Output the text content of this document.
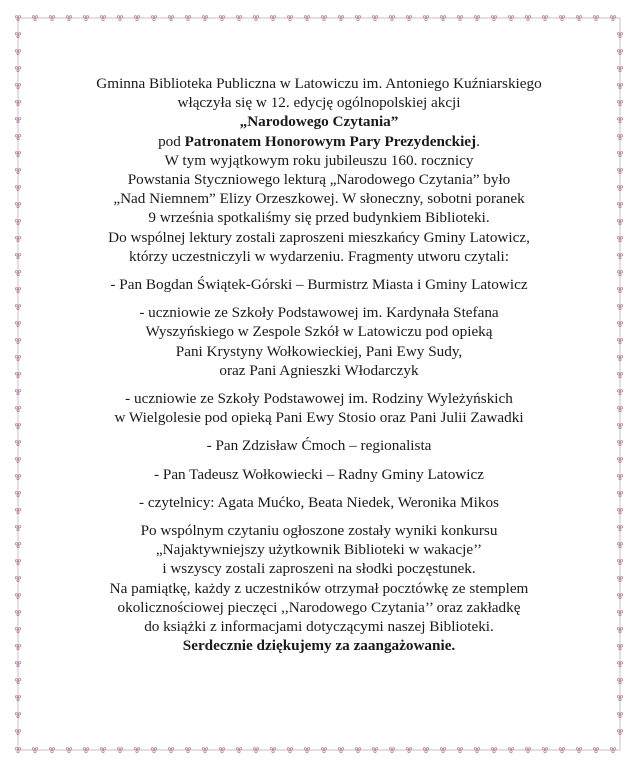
Gminna Biblioteka Publiczna w Latowiczu im. Antoniego Kuźniarskiego

włączyła się w 12. edycję ogólnopolskiej akcji

„Narodowego Czytania”

pod Patronatem Honorowym Pary Prezydenckiej.

W tym wyjątkowym roku jubileuszu 160. rocznicy

Powstania Styczniowego lekturą „Narodowego Czytania” było

„Nad Niemnem” Elizy Orzeszkowej. W słoneczny, sobotni poranek

9 września spotkaliśmy się przed budynkiem Biblioteki.

Do wspólnej lektury zostali zaproszeni mieszkańcy Gminy Latowicz,

którzy uczestniczyli w wydarzeniu. Fragmenty utworu czytali:

- Pan Bogdan Świątek-Górski – Burmistrz Miasta i Gminy Latowicz

- uczniowie ze Szkoły Podstawowej im. Kardynała Stefana

Wyszyńskiego w Zespole Szkół w Latowiczu pod opieką

Pani Krystyny Wołkowieckiej, Pani Ewy Sudy,

oraz Pani Agnieszki Włodarczyk

- uczniowie ze Szkoły Podstawowej im. Rodziny Wyleżyńskich

w Wielgolesie pod opieką Pani Ewy Stosio oraz Pani Julii Zawadki

- Pan Zdzisław Ćmoch – regionalista

- Pan Tadeusz Wołkowiecki – Radny Gminy Latowicz

- czytelnicy: Agata Mućko, Beata Niedek, Weronika Mikos

Po wspólnym czytaniu ogłoszone zostały wyniki konkursu

„Najaktywniejszy użytkownik Biblioteki w wakacje’’

i wszyscy zostali zaproszeni na słodki poczęstunek.

Na pamiątkę, każdy z uczestników otrzymał pocztówkę ze stemplem

okolicznościowej pieczęci ,,Narodowego Czytania’’ oraz zakładkę

do książki z informacjami dotyczącymi naszej Biblioteki.

Serdecznie dziękujemy za zaangażowanie.
